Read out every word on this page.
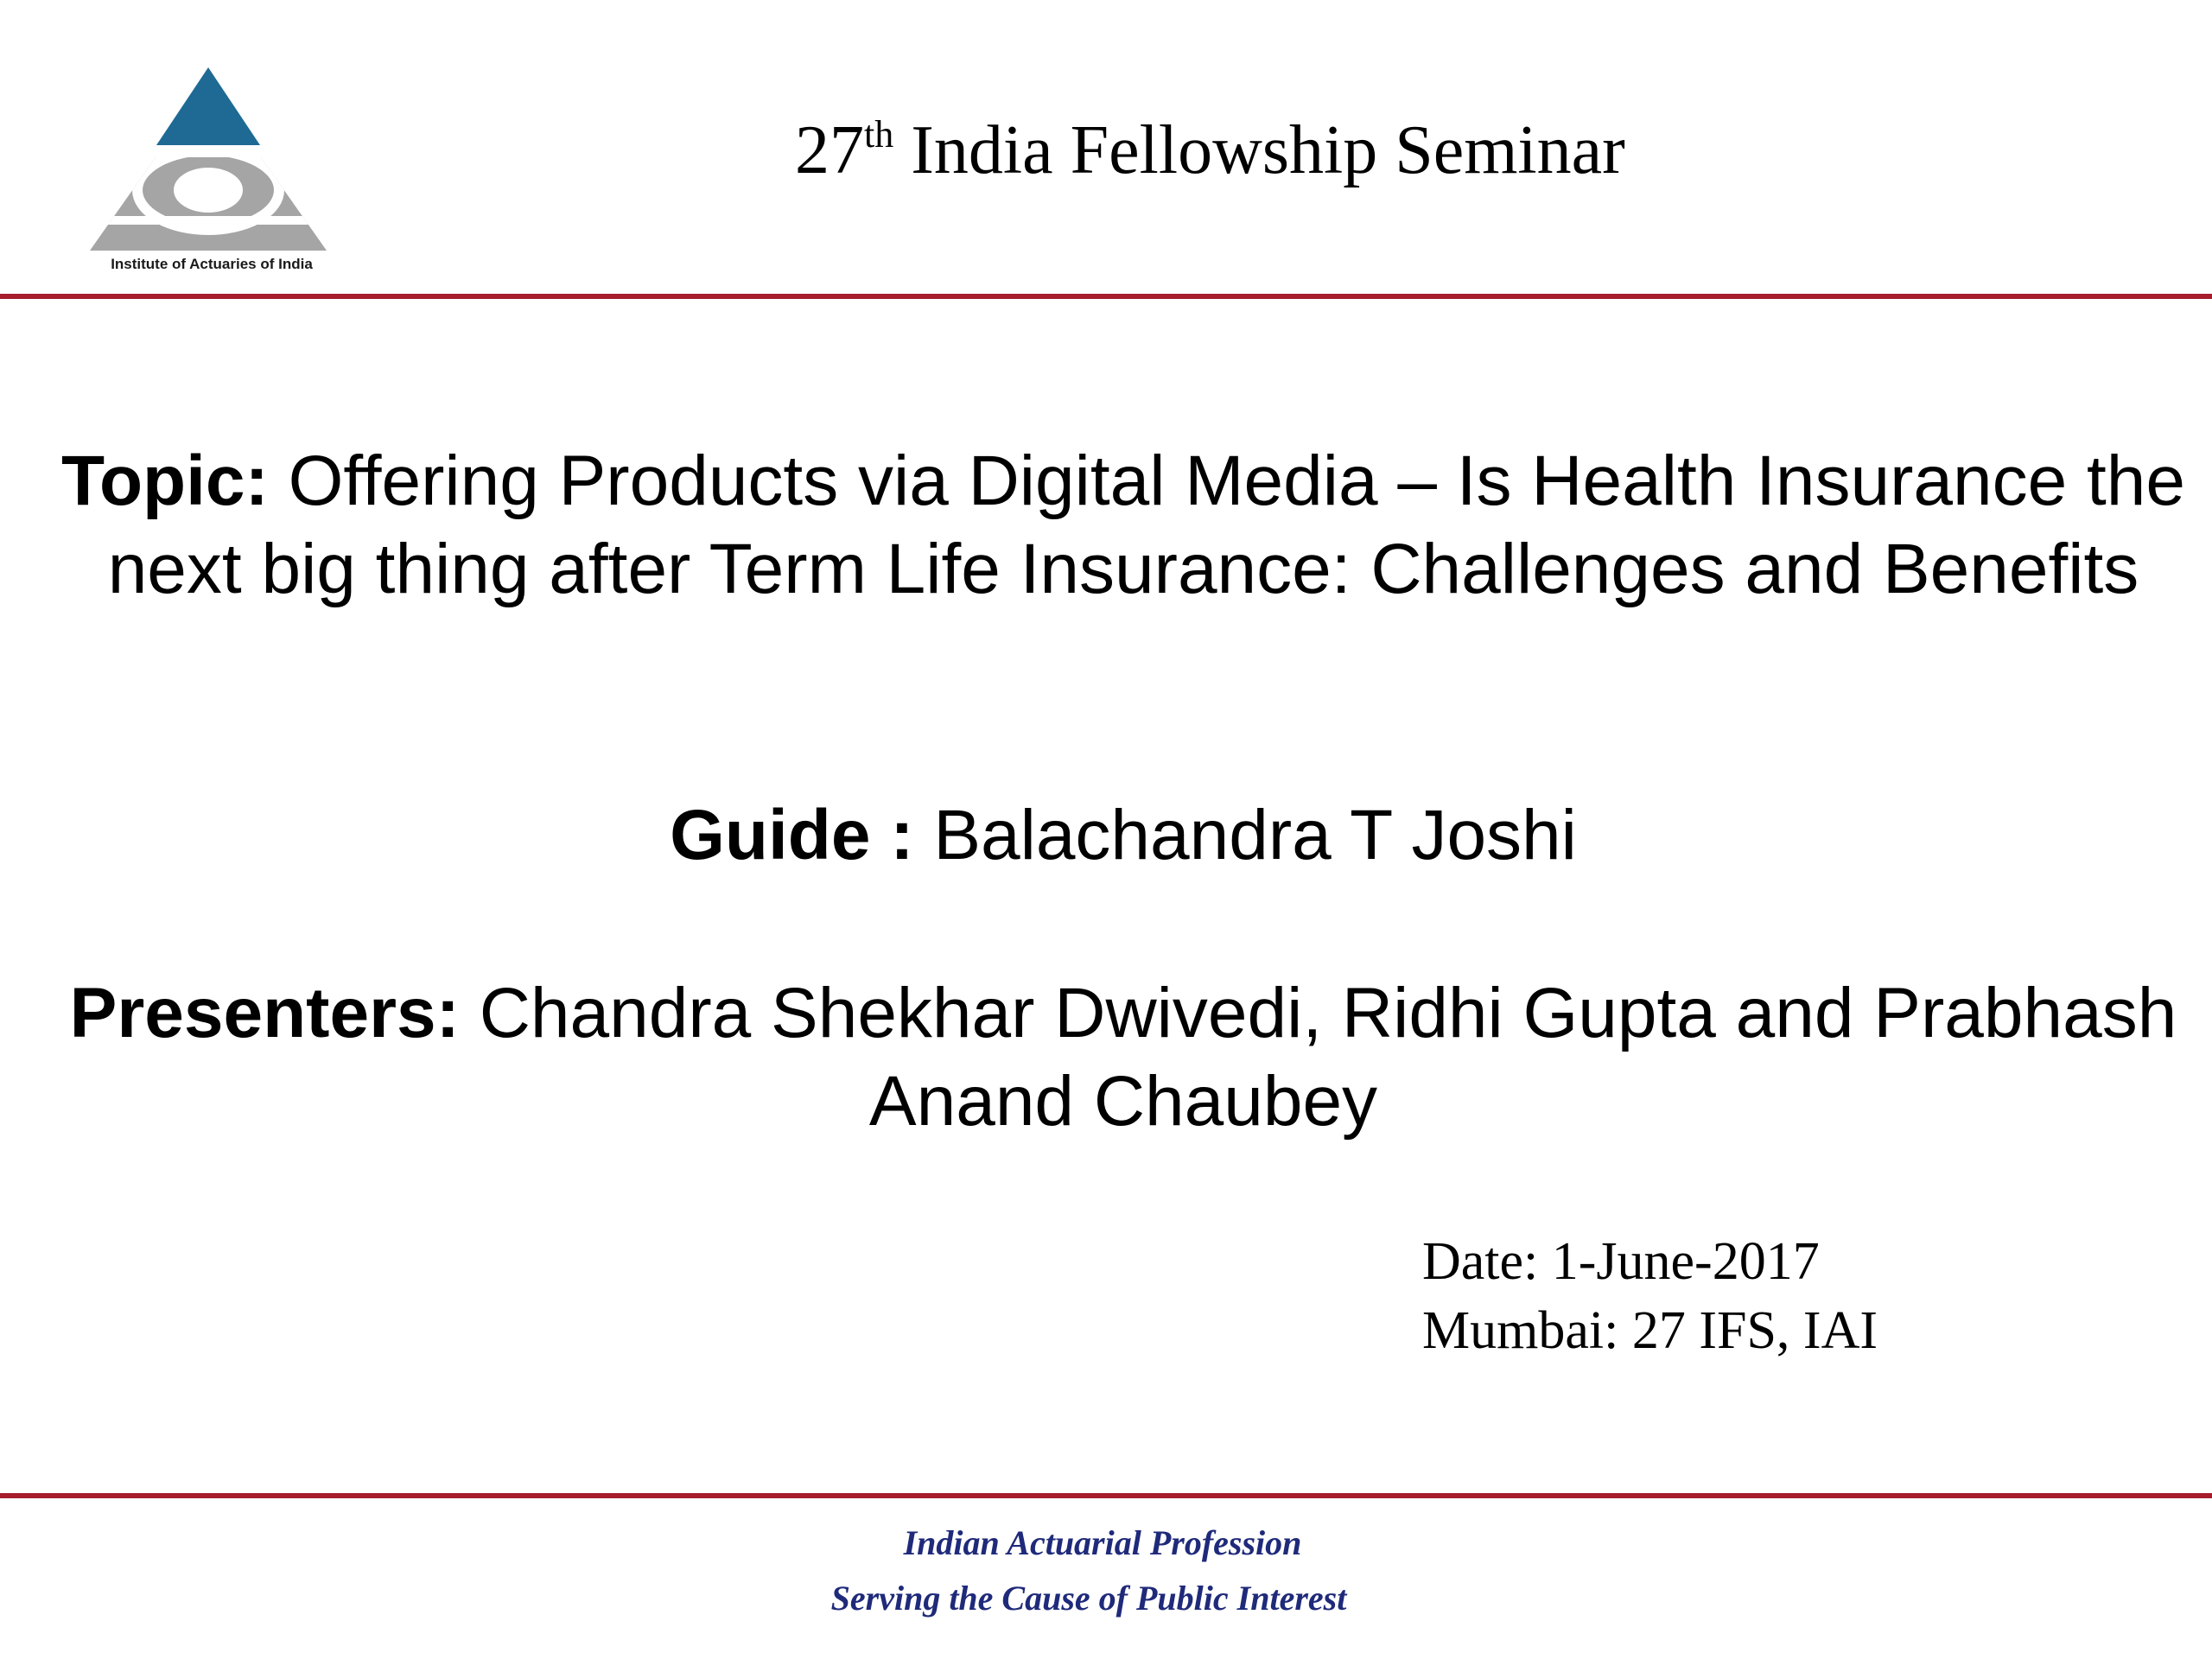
Institute of Actuaries of India
27th India Fellowship Seminar
Topic: Offering Products via Digital Media – Is Health Insurance the next big thing after Term Life Insurance: Challenges and Benefits
Guide : Balachandra T Joshi
Presenters: Chandra Shekhar Dwivedi, Ridhi Gupta and Prabhash Anand Chaubey
Date: 1-June-2017
Mumbai: 27 IFS, IAI
Indian Actuarial Profession
Serving the Cause of Public Interest
